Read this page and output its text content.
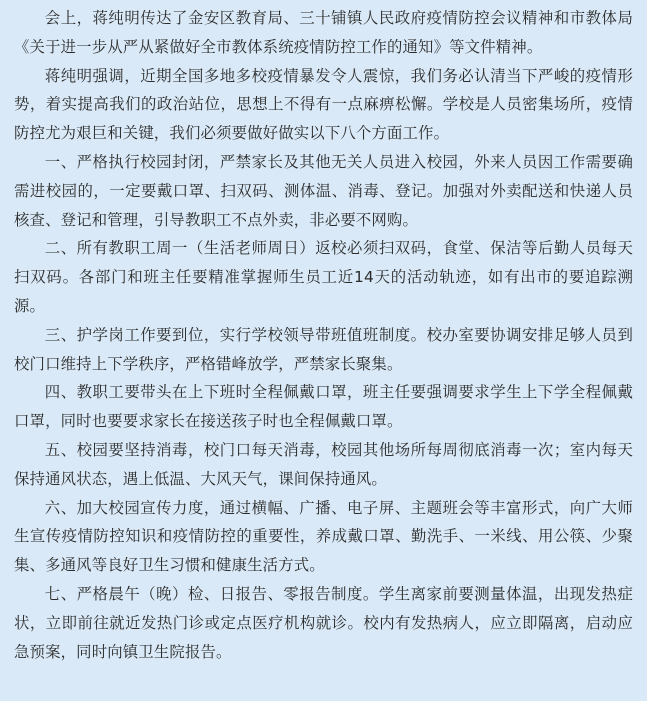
会上，蒋纯明传达了金安区教育局、三十铺镇人民政府疫情防控会议精神和市教体局《关于进一步从严从紧做好全市教体系统疫情防控工作的通知》等文件精神。

蒋纯明强调，近期全国多地多校疫情暴发令人震惊，我们务必认清当下严峻的疫情形势，着实提高我们的政治站位，思想上不得有一点麻痹松懈。学校是人员密集场所，疫情防控尤为艰巨和关键，我们必须要做好做实以下八个方面工作。

一、严格执行校园封闭，严禁家长及其他无关人员进入校园，外来人员因工作需要确需进校园的，一定要戴口罩、扫双码、测体温、消毒、登记。加强对外卖配送和快递人员核查、登记和管理，引导教职工不点外卖，非必要不网购。

二、所有教职工周一（生活老师周日）返校必须扫双码，食堂、保洁等后勤人员每天扫双码。各部门和班主任要精准掌握师生员工近14天的活动轨迹，如有出市的要追踪溯源。

三、护学岗工作要到位，实行学校领导带班值班制度。校办室要协调安排足够人员到校门口维持上下学秩序，严格错峰放学，严禁家长聚集。

四、教职工要带头在上下班时全程佩戴口罩，班主任要强调要求学生上下学全程佩戴口罩，同时也要要求家长在接送孩子时也全程佩戴口罩。

五、校园要坚持消毒，校门口每天消毒，校园其他场所每周彻底消毒一次；室内每天保持通风状态，遇上低温、大风天气，课间保持通风。

六、加大校园宣传力度，通过横幅、广播、电子屏、主题班会等丰富形式，向广大师生宣传疫情防控知识和疫情防控的重要性，养成戴口罩、勤洗手、一米线、用公筷、少聚集、多通风等良好卫生习惯和健康生活方式。

七、严格晨午（晚）检、日报告、零报告制度。学生离家前要测量体温，出现发热症状，立即前往就近发热门诊或定点医疗机构就诊。校内有发热病人，应立即隔离，启动应急预案，同时向镇卫生院报告。
